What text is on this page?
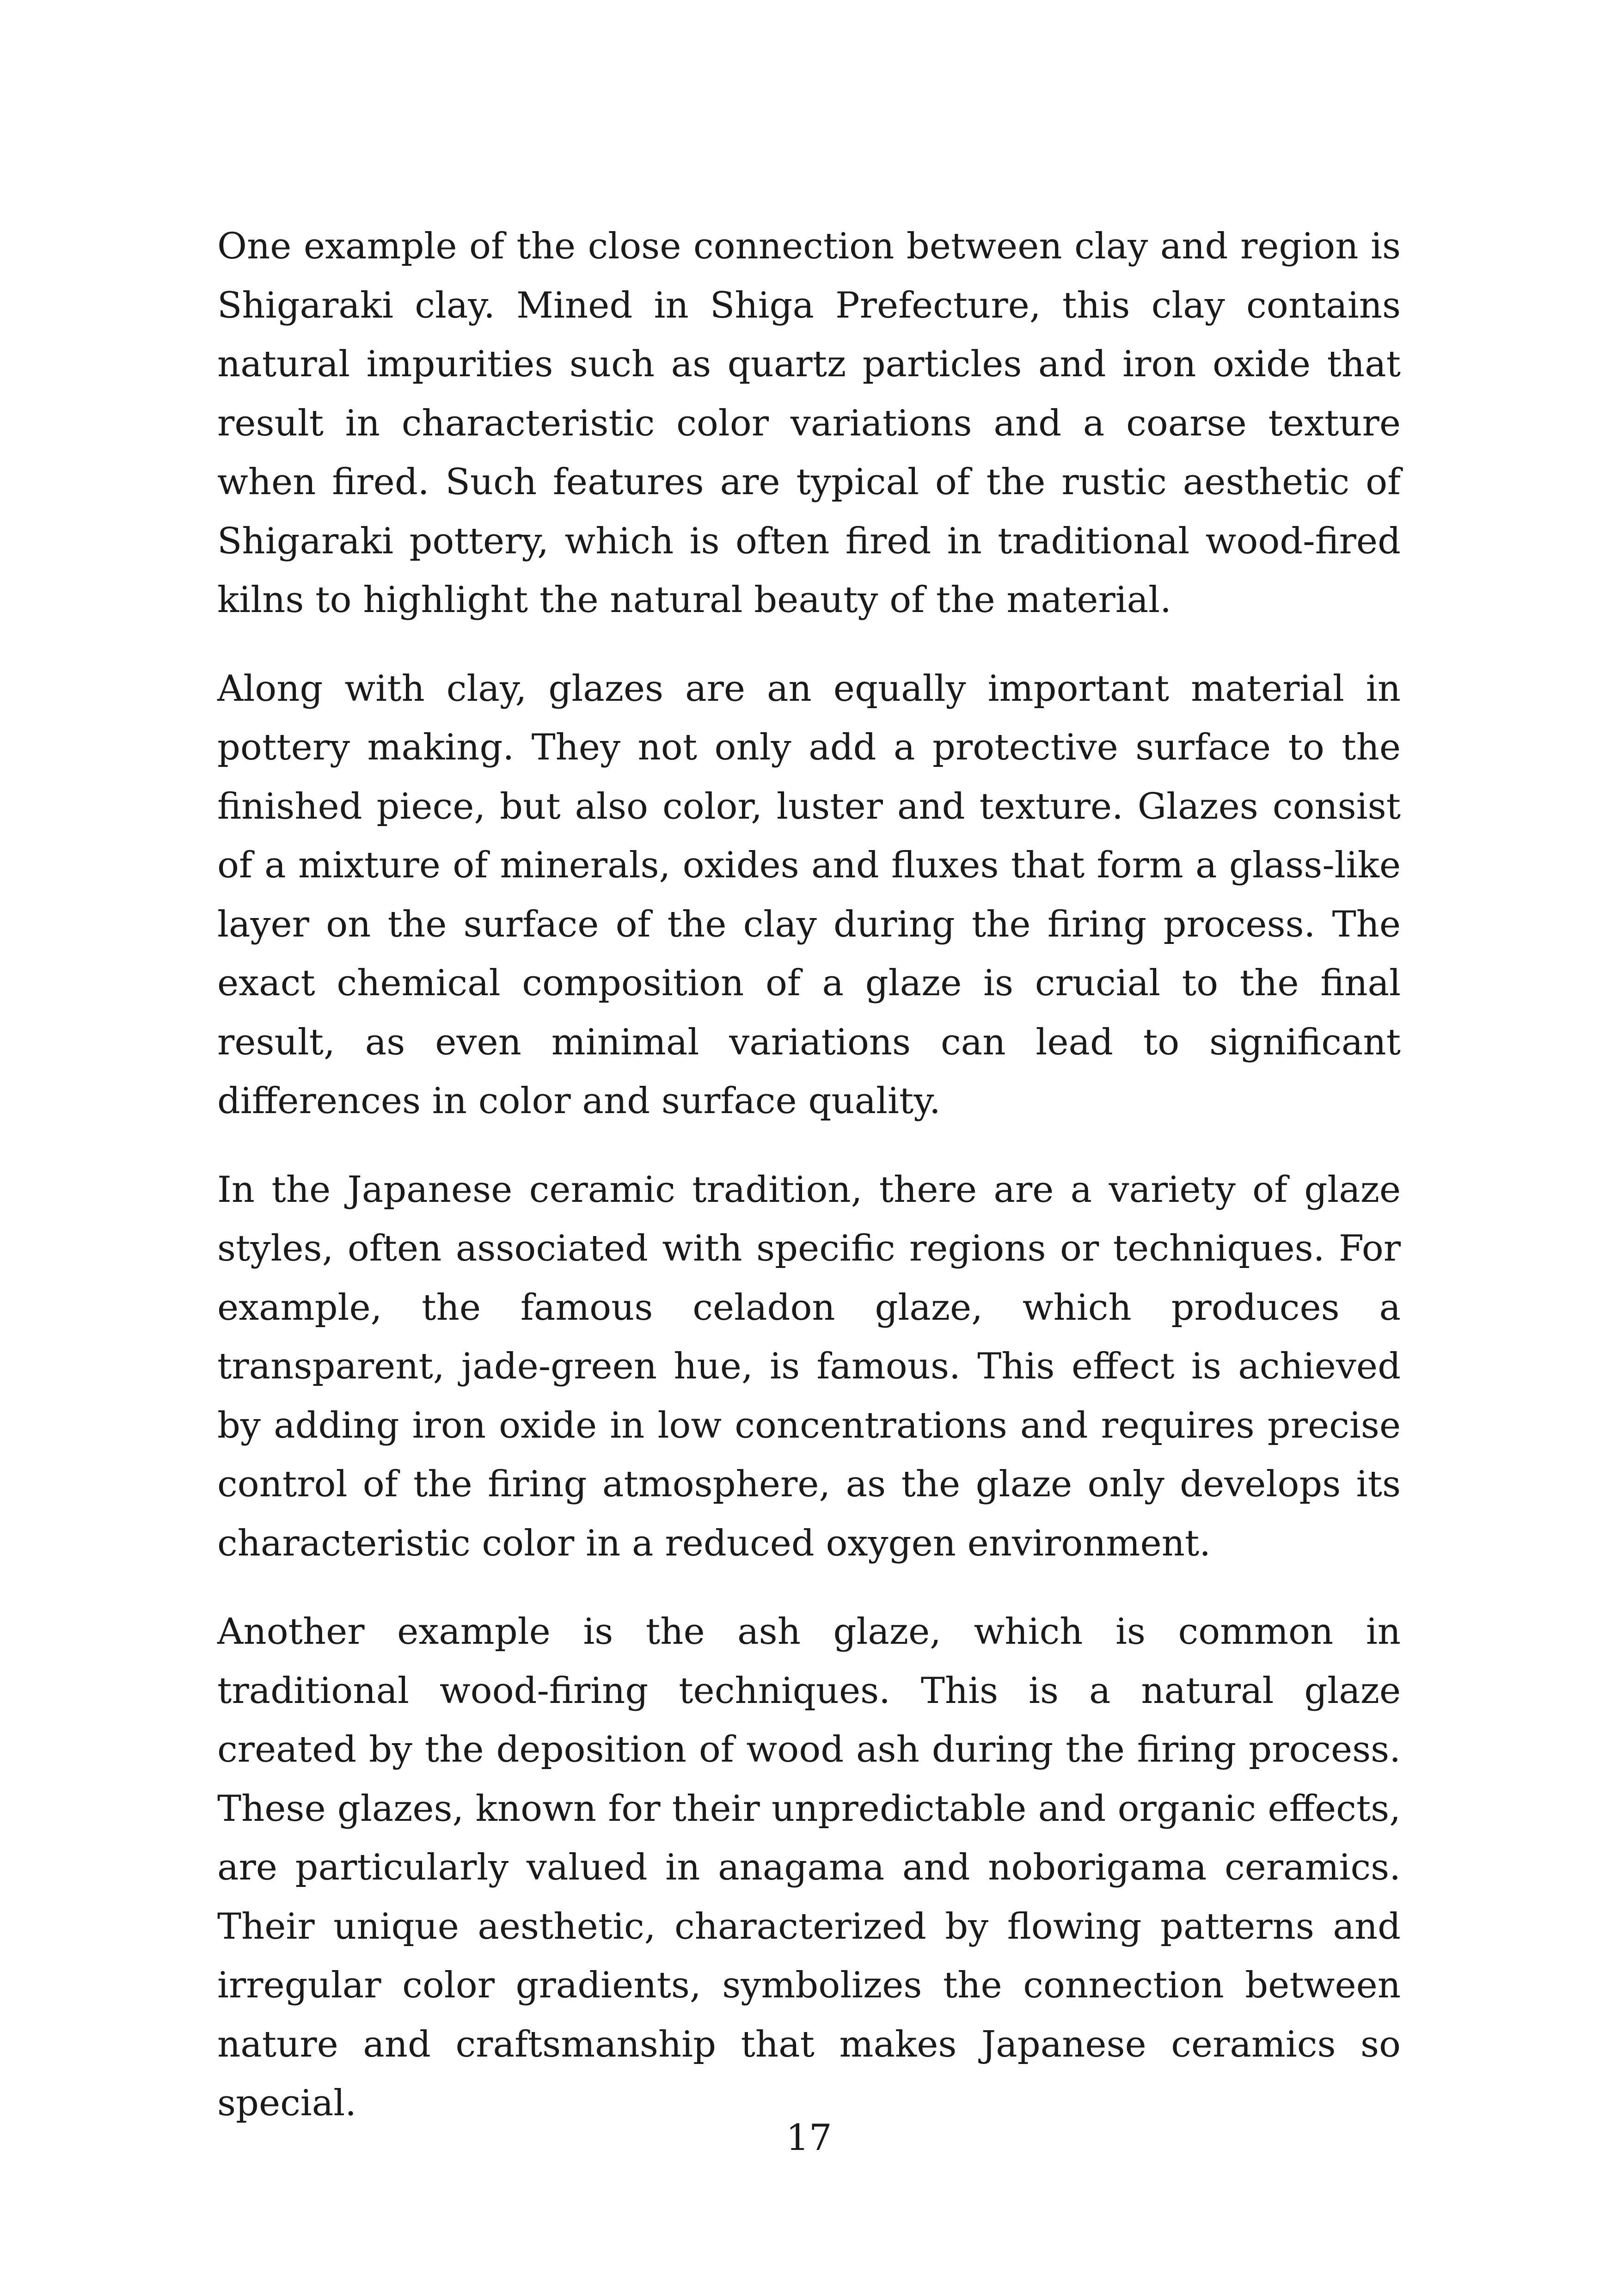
One example of the close connection between clay and region is Shigaraki clay. Mined in Shiga Prefecture, this clay contains natural impurities such as quartz particles and iron oxide that result in characteristic color variations and a coarse texture when fired. Such features are typical of the rustic aesthetic of Shigaraki pottery, which is often fired in traditional wood-fired kilns to highlight the natural beauty of the material.

Along with clay, glazes are an equally important material in pottery making. They not only add a protective surface to the finished piece, but also color, luster and texture. Glazes consist of a mixture of minerals, oxides and fluxes that form a glass-like layer on the surface of the clay during the firing process. The exact chemical composition of a glaze is crucial to the final result, as even minimal variations can lead to significant differences in color and surface quality.

In the Japanese ceramic tradition, there are a variety of glaze styles, often associated with specific regions or techniques. For example, the famous celadon glaze, which produces a transparent, jade-green hue, is famous. This effect is achieved by adding iron oxide in low concentrations and requires precise control of the firing atmosphere, as the glaze only develops its characteristic color in a reduced oxygen environment.

Another example is the ash glaze, which is common in traditional wood-firing techniques. This is a natural glaze created by the deposition of wood ash during the firing process. These glazes, known for their unpredictable and organic effects, are particularly valued in anagama and noborigama ceramics. Their unique aesthetic, characterized by flowing patterns and irregular color gradients, symbolizes the connection between nature and craftsmanship that makes Japanese ceramics so special.

17
